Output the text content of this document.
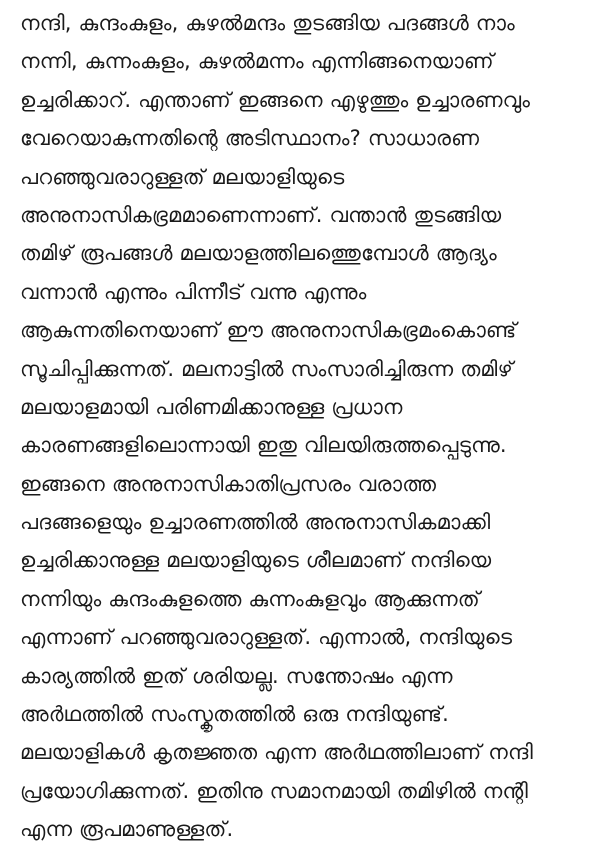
നന്ദി, കുന്ദംകുളം, കുഴൽമന്ദം തുടങ്ങിയ പദങ്ങൾ നാം
നന്നി, കുന്നംകുളം, കുഴൽമന്നം എന്നിങ്ങനെയാണ്
ഉച്ചരിക്കാറ്. എന്താണ് ഇങ്ങനെ എഴുത്തും ഉച്ചാരണവും
വേറെയാകുന്നതിന്റെ അടിസ്ഥാനം? സാധാരണ
പറഞ്ഞുവരാറുള്ളത് മലയാളിയുടെ
അനുനാസികഭ്രമമാണെന്നാണ്. വന്താൻ തുടങ്ങിയ
തമിഴ് രൂപങ്ങൾ മലയാളത്തിലത്തെുമ്പോൾ ആദ്യം
വന്നാൻ എന്നും പിന്നീട് വന്നു എന്നും
ആകുന്നതിനെയാണ് ഈ അനുനാസികഭ്രമംകൊണ്ട്
സൂചിപ്പിക്കുന്നത്. മലനാട്ടിൽ സംസാരിച്ചിരുന്ന തമിഴ്
മലയാളമായി പരിണമിക്കാനുള്ള പ്രധാന
കാരണങ്ങളിലൊന്നായി ഇതു വിലയിരുത്തപ്പെടുന്നു.
ഇങ്ങനെ അനുനാസികാതിപ്രസരം വരാത്ത
പദങ്ങളെയും ഉച്ചാരണത്തിൽ അനുനാസികമാക്കി
ഉച്ചരിക്കാനുള്ള മലയാളിയുടെ ശീലമാണ് നന്ദിയെ
നന്നിയും കുന്ദംകുളത്തെ കുന്നംകുളവും ആക്കുന്നത്
എന്നാണ് പറഞ്ഞുവരാറുള്ളത്. എന്നാൽ, നന്ദിയുടെ
കാര്യത്തിൽ ഇത് ശരിയല്ല. സന്തോഷം എന്ന
അർഥത്തിൽ സംസ്കൃതത്തിൽ ഒരു നന്ദിയുണ്ട്.
മലയാളികൾ കൃതജ്ഞത എന്ന അർഥത്തിലാണ് നന്ദി
പ്രയോഗിക്കുന്നത്. ഇതിനു സമാനമായി തമിഴിൽ നന്റി
എന്ന രൂപമാണുള്ളത്.
